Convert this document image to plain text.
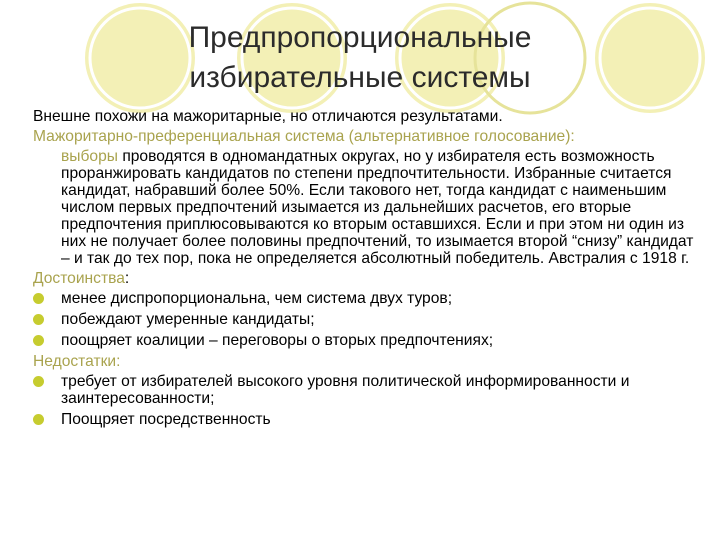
Предпропорциональные
избирательные системы
Внешне похожи на мажоритарные, но отличаются результатами.
Мажоритарно-преференциальная система (альтернативное голосование):
выборы проводятся в одномандатных округах, но у избирателя есть возможность проранжировать кандидатов по степени предпочтительности. Избранные считается кандидат, набравший более 50%. Если такового нет, тогда кандидат с наименьшим числом первых предпочтений изымается из дальнейших расчетов, его вторые предпочтения приплюсовываются ко вторым оставшихся. Если и при этом ни один из них не получает более половины предпочтений, то изымается второй “снизу” кандидат – и так до тех пор, пока не определяется абсолютный победитель. Австралия с 1918 г.
Достоинства:
менее диспропорциональна, чем система двух туров;
побеждают умеренные кандидаты;
поощряет коалиции – переговоры о вторых предпочтениях;
Недостатки:
требует от избирателей высокого уровня политической информированности и заинтересованности;
Поощряет посредственность
